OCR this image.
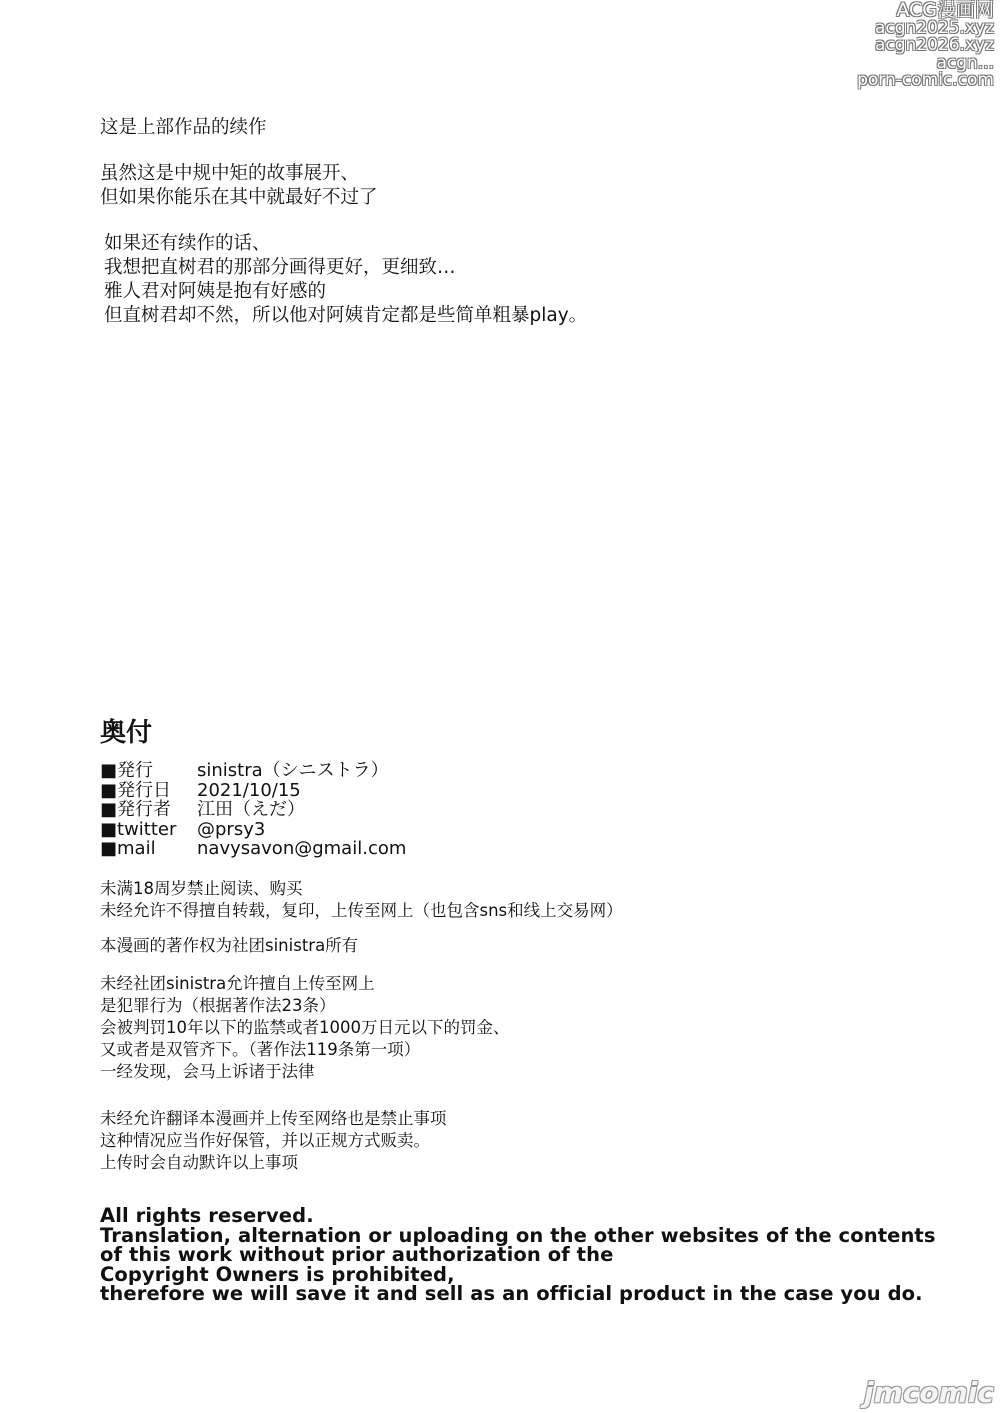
ACG漫画网
acgn2025.xyz
acgn2026.xyz
acgn...
porn-comic.com
这是上部作品的续作
虽然这是中规中矩的故事展开、
但如果你能乐在其中就最好不过了
如果还有续作的话、
我想把直树君的那部分画得更好，更细致…
雅人君对阿姨是抱有好感的
但直树君却不然，所以他对阿姨肯定都是些简单粗暴play。
奥付
■発行	sinistra（シニストラ）
■発行日	2021/10/15
■発行者	江田（えだ）
■twitter	@prsy3
■mail	navysavon@gmail.com
未满18周岁禁止阅读、购买
未经允许不得擅自转载，复印，上传至网上（也包含sns和线上交易网）
本漫画的著作权为社团sinistra所有
未经社团sinistra允许擅自上传至网上
是犯罪行为（根据著作法23条）
会被判罚10年以下的监禁或者1000万日元以下的罚金、
又或者是双管齐下。（著作法119条第一项）
一经发现，会马上诉诸于法律
未经允许翻译本漫画并上传至网络也是禁止事项
这种情况应当作好保管，并以正规方式贩卖。
上传时会自动默许以上事项
All rights reserved.
Translation, alternation or uploading on the other websites of the contents
of this work without prior authorization of the
Copyright Owners is prohibited,
therefore we will save it and sell as an official product in the case you do.
jmcomic
